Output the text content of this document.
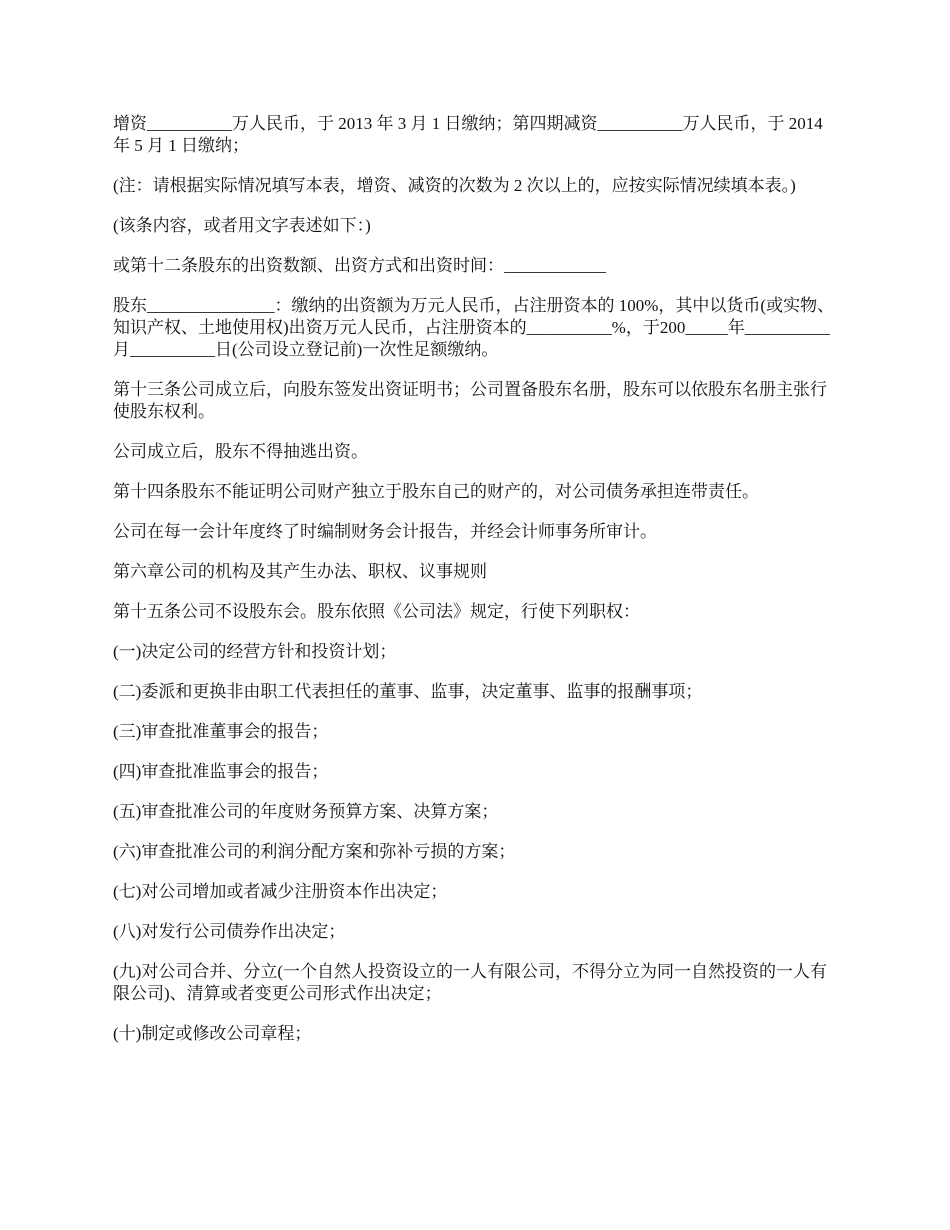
增资__________万人民币，于 2013 年 3 月 1 日缴纳；第四期减资__________万人民币，于 2014 年 5 月 1 日缴纳；

(注：请根据实际情况填写本表，增资、减资的次数为 2 次以上的，应按实际情况续填本表。)

(该条内容，或者用文字表述如下：)

或第十二条股东的出资数额、出资方式和出资时间：____________

股东_______________：缴纳的出资额为万元人民币，占注册资本的 100%，其中以货币(或实物、知识产权、土地使用权)出资万元人民币，占注册资本的__________%，于200_____年__________月__________日(公司设立登记前)一次性足额缴纳。

第十三条公司成立后，向股东签发出资证明书；公司置备股东名册，股东可以依股东名册主张行使股东权利。

公司成立后，股东不得抽逃出资。

第十四条股东不能证明公司财产独立于股东自己的财产的，对公司债务承担连带责任。

公司在每一会计年度终了时编制财务会计报告，并经会计师事务所审计。

第六章公司的机构及其产生办法、职权、议事规则

第十五条公司不设股东会。股东依照《公司法》规定，行使下列职权：

(一)决定公司的经营方针和投资计划；

(二)委派和更换非由职工代表担任的董事、监事，决定董事、监事的报酬事项；

(三)审查批准董事会的报告；

(四)审查批准监事会的报告；

(五)审查批准公司的年度财务预算方案、决算方案；

(六)审查批准公司的利润分配方案和弥补亏损的方案；

(七)对公司增加或者减少注册资本作出决定；

(八)对发行公司债券作出决定；

(九)对公司合并、分立(一个自然人投资设立的一人有限公司，不得分立为同一自然投资的一人有限公司)、清算或者变更公司形式作出决定；

(十)制定或修改公司章程；
